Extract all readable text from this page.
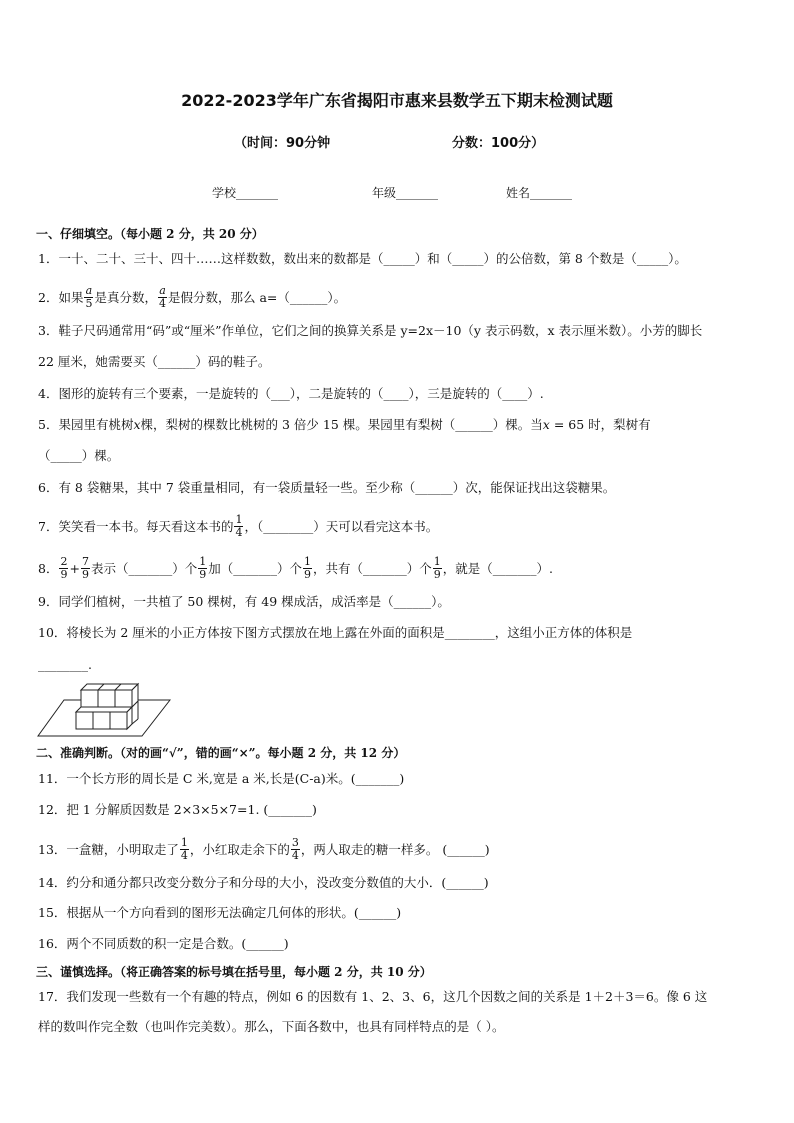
2022-2023学年广东省揭阳市惠来县数学五下期末检测试题
（时间：90分钟	分数：100分）
学校_______	年级_______	姓名_______
一、仔细填空。（每小题 2 分，共 20 分）
1．一十、二十、三十、四十……这样数数，数出来的数都是（_____）和（_____）的公倍数，第 8 个数是（_____）。
2．如果 $\frac{a}{5}$ 是真分数， $\frac{a}{4}$ 是假分数，那么 a=（______）。
3．鞋子尺码通常用“码”或“厘米”作单位，它们之间的换算关系是 y=2x－10（y 表示码数，x 表示厘米数）。小芳的脚长
22 厘米，她需要买（______）码的鞋子。
4．图形的旋转有三个要素，一是旋转的（___），二是旋转的（____），三是旋转的（____）.
5．果园里有桃树x棵，梨树的棵数比桃树的 3 倍少 15 棵。果园里有梨树（______）棵。当x = 65 时，梨树有
（_____）棵。
6．有 8 袋糖果，其中 7 袋重量相同，有一袋质量轻一些。至少称（______）次，能保证找出这袋糖果。
7．笑笑看一本书。每天看这本书的 $\frac{1}{4}$ ，（________）天可以看完这本书。
8． $\frac{2}{9} + \frac{7}{9}$ 表示（_______）个 $\frac{1}{9}$ 加（_______）个 $\frac{1}{9}$ ，共有（_______）个 $\frac{1}{9}$ ，就是（_______）.
9．同学们植树，一共植了 50 棵树，有 49 棵成活，成活率是（______）。
10．将棱长为 2 厘米的小正方体按下图方式摆放在地上露在外面的面积是________，这组小正方体的体积是
________.
二、准确判断。（对的画“√”，错的画“×”。每小题 2 分，共 12 分）
11．一个长方形的周长是 C 米,宽是 a 米,长是(C-a)米。(_______)
12．把 1 分解质因数是 2×3×5×7=1. (_______)
13．一盒糖，小明取走了 $\frac{1}{4}$ ，小红取走余下的 $\frac{3}{4}$ ，两人取走的糖一样多。 (______)
14．约分和通分都只改变分数分子和分母的大小，没改变分数值的大小．(______)
15．根据从一个方向看到的图形无法确定几何体的形状。(______)
16．两个不同质数的积一定是合数。(______)
三、谨慎选择。（将正确答案的标号填在括号里，每小题 2 分，共 10 分）
17．我们发现一些数有一个有趣的特点，例如 6 的因数有 1、2、3、6，这几个因数之间的关系是 1＋2＋3＝6。像 6 这
样的数叫作完全数（也叫作完美数）。那么，下面各数中，也具有同样特点的是（ ）。
